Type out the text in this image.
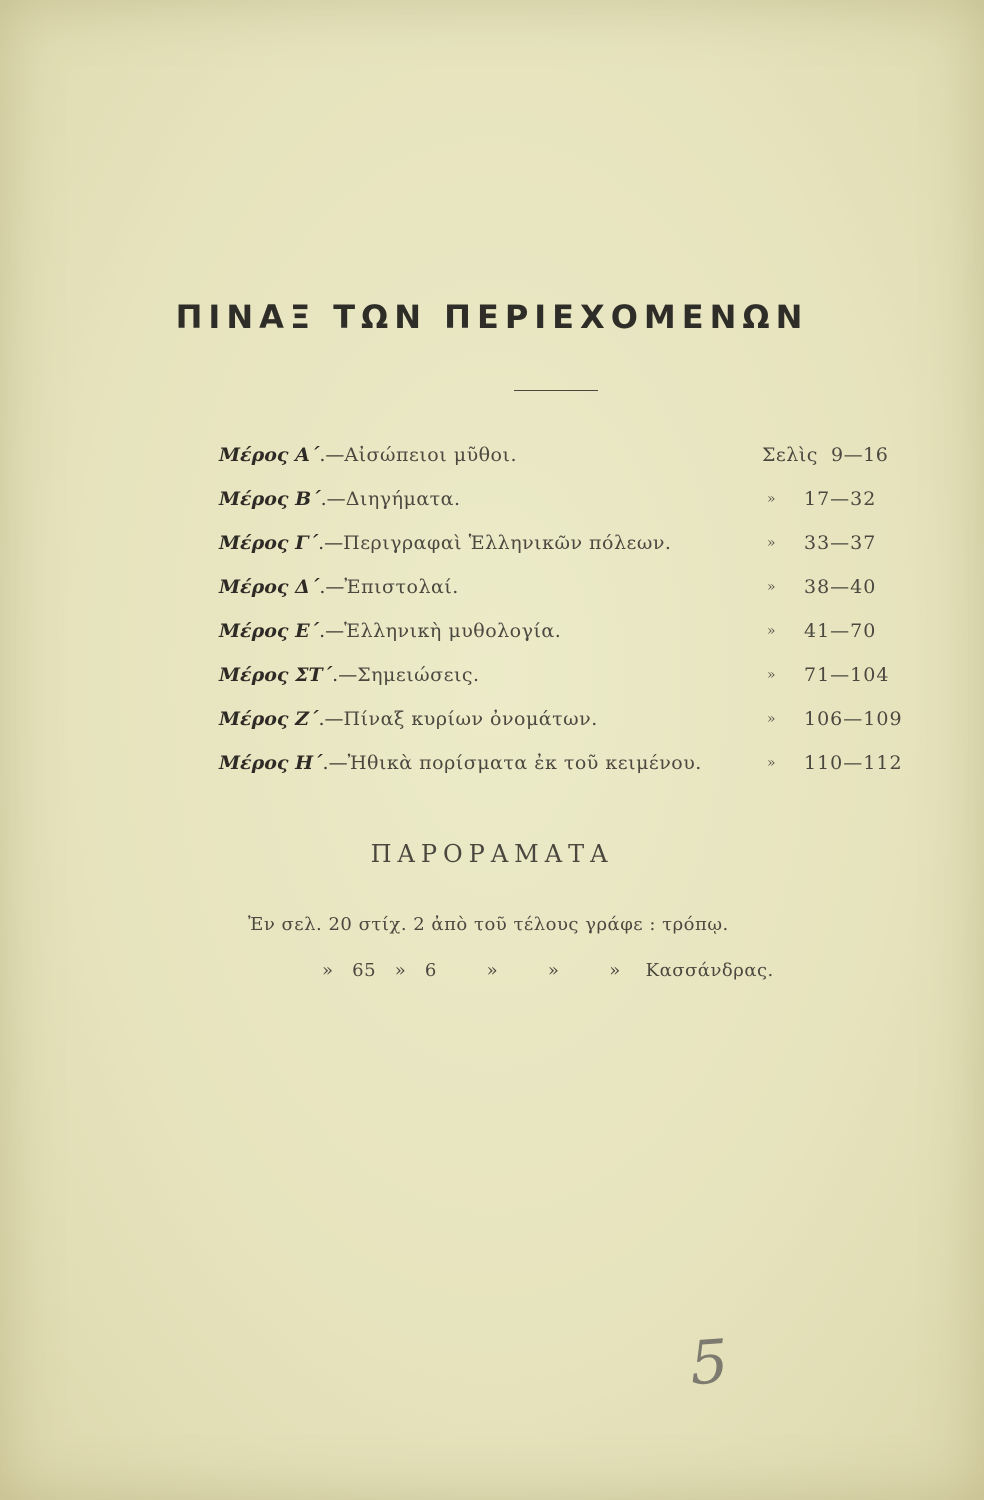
ΠΙΝΑΞ ΤΩΝ ΠΕΡΙΕΧΟΜΕΝΩΝ
Μέρος Α΄.—Αἰσώπειοι μῦθοι.	Σελὶς 9—16
Μέρος Β΄.—Διηγήματα.	» 17—32
Μέρος Γ΄.—Περιγραφαὶ Ἑλληνικῶν πόλεων.	» 33—37
Μέρος Δ΄.—Ἐπιστολαί.	» 38—40
Μέρος Ε΄.—Ἑλληνικὴ μυθολογία.	» 41—70
Μέρος ΣΤ΄.—Σημειώσεις.	» 71—104
Μέρος Ζ΄.—Πίναξ κυρίων ὀνομάτων.	» 106—109
Μέρος Η΄.—Ἠθικὰ πορίσματα ἐκ τοῦ κειμένου.	» 110—112
ΠΑΡΟΡΑΜΑΤΑ
Ἐν σελ. 20 στίχ. 2 ἀπὸ τοῦ τέλους γράφε : τρόπῳ.
»   65   »   6        »        »        »    Κασσάνδρας.
5
